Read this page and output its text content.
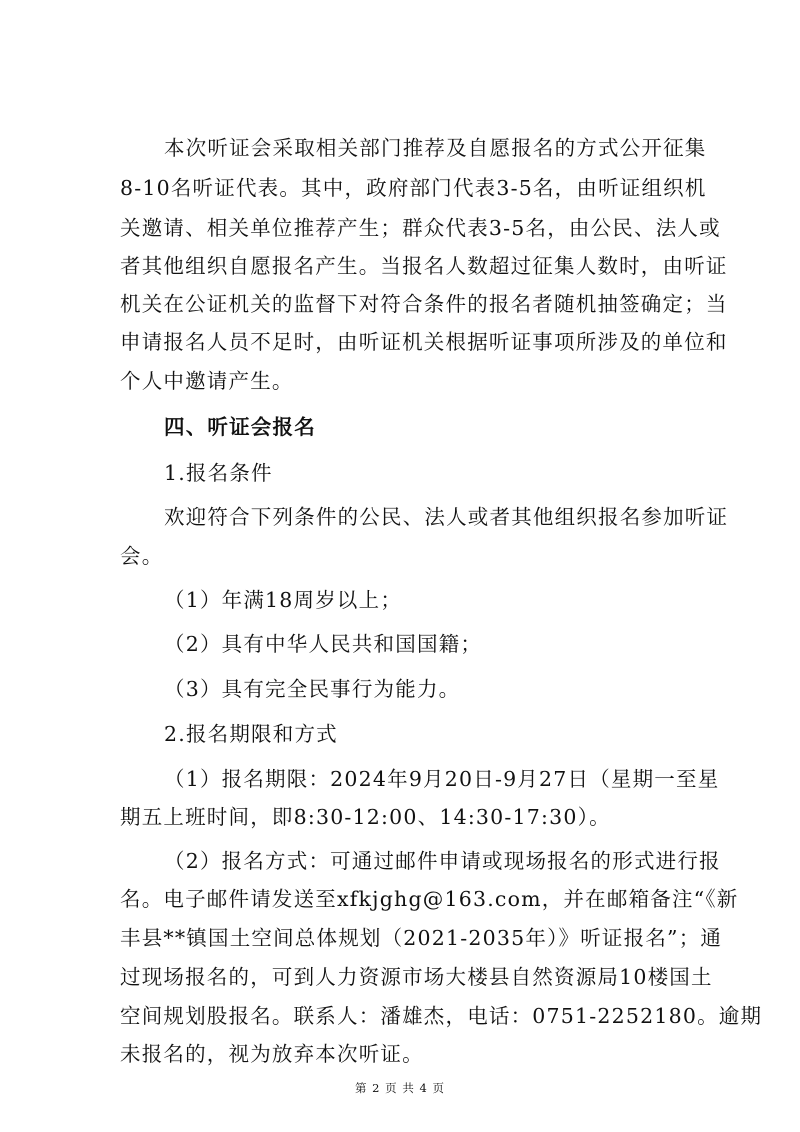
本次听证会采取相关部门推荐及自愿报名的方式公开征集
8-10名听证代表。其中，政府部门代表3-5名，由听证组织机
关邀请、相关单位推荐产生；群众代表3-5名，由公民、法人或
者其他组织自愿报名产生。当报名人数超过征集人数时，由听证
机关在公证机关的监督下对符合条件的报名者随机抽签确定；当
申请报名人员不足时，由听证机关根据听证事项所涉及的单位和
个人中邀请产生。
四、听证会报名
1.报名条件
欢迎符合下列条件的公民、法人或者其他组织报名参加听证
会。
（1）年满18周岁以上；
（2）具有中华人民共和国国籍；
（3）具有完全民事行为能力。
2.报名期限和方式
（1）报名期限：2024年9月20日-9月27日（星期一至星
期五上班时间，即8:30-12:00、14:30-17:30）。
（2）报名方式：可通过邮件申请或现场报名的形式进行报
名。电子邮件请发送至xfkjghg@163.com，并在邮箱备注“《新
丰县**镇国土空间总体规划（2021-2035年）》听证报名”；通
过现场报名的，可到人力资源市场大楼县自然资源局10楼国土
空间规划股报名。联系人：潘雄杰，电话：0751-2252180。逾期
未报名的，视为放弃本次听证。
第 2 页 共 4 页
